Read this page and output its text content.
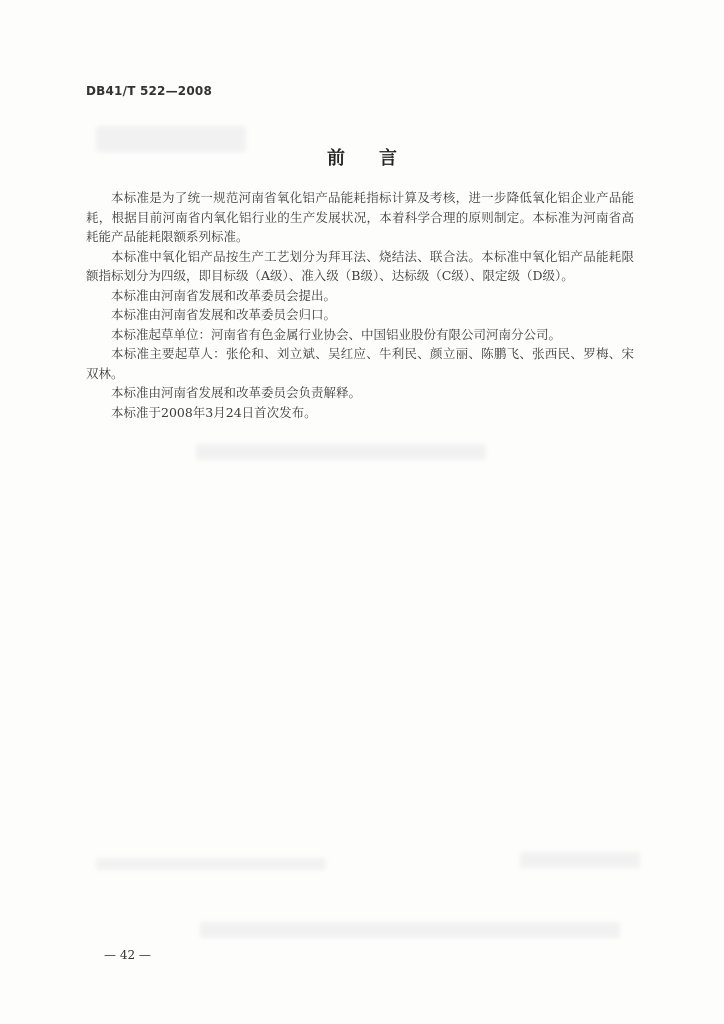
DB41/T 522—2008
前言

本标准是为了统一规范河南省氧化铝产品能耗指标计算及考核，进一步降低氧化铝企业产品能耗，根据目前河南省内氧化铝行业的生产发展状况，本着科学合理的原则制定。本标准为河南省高耗能产品能耗限额系列标准。

本标准中氧化铝产品按生产工艺划分为拜耳法、烧结法、联合法。本标准中氧化铝产品能耗限额指标划分为四级，即目标级（A级）、准入级（B级）、达标级（C级）、限定级（D级）。

本标准由河南省发展和改革委员会提出。

本标准由河南省发展和改革委员会归口。

本标准起草单位：河南省有色金属行业协会、中国铝业股份有限公司河南分公司。

本标准主要起草人：张伦和、刘立斌、吴红应、牛利民、颜立丽、陈鹏飞、张西民、罗梅、宋双林。

本标准由河南省发展和改革委员会负责解释。

本标准于2008年3月24日首次发布。

— 42 —
